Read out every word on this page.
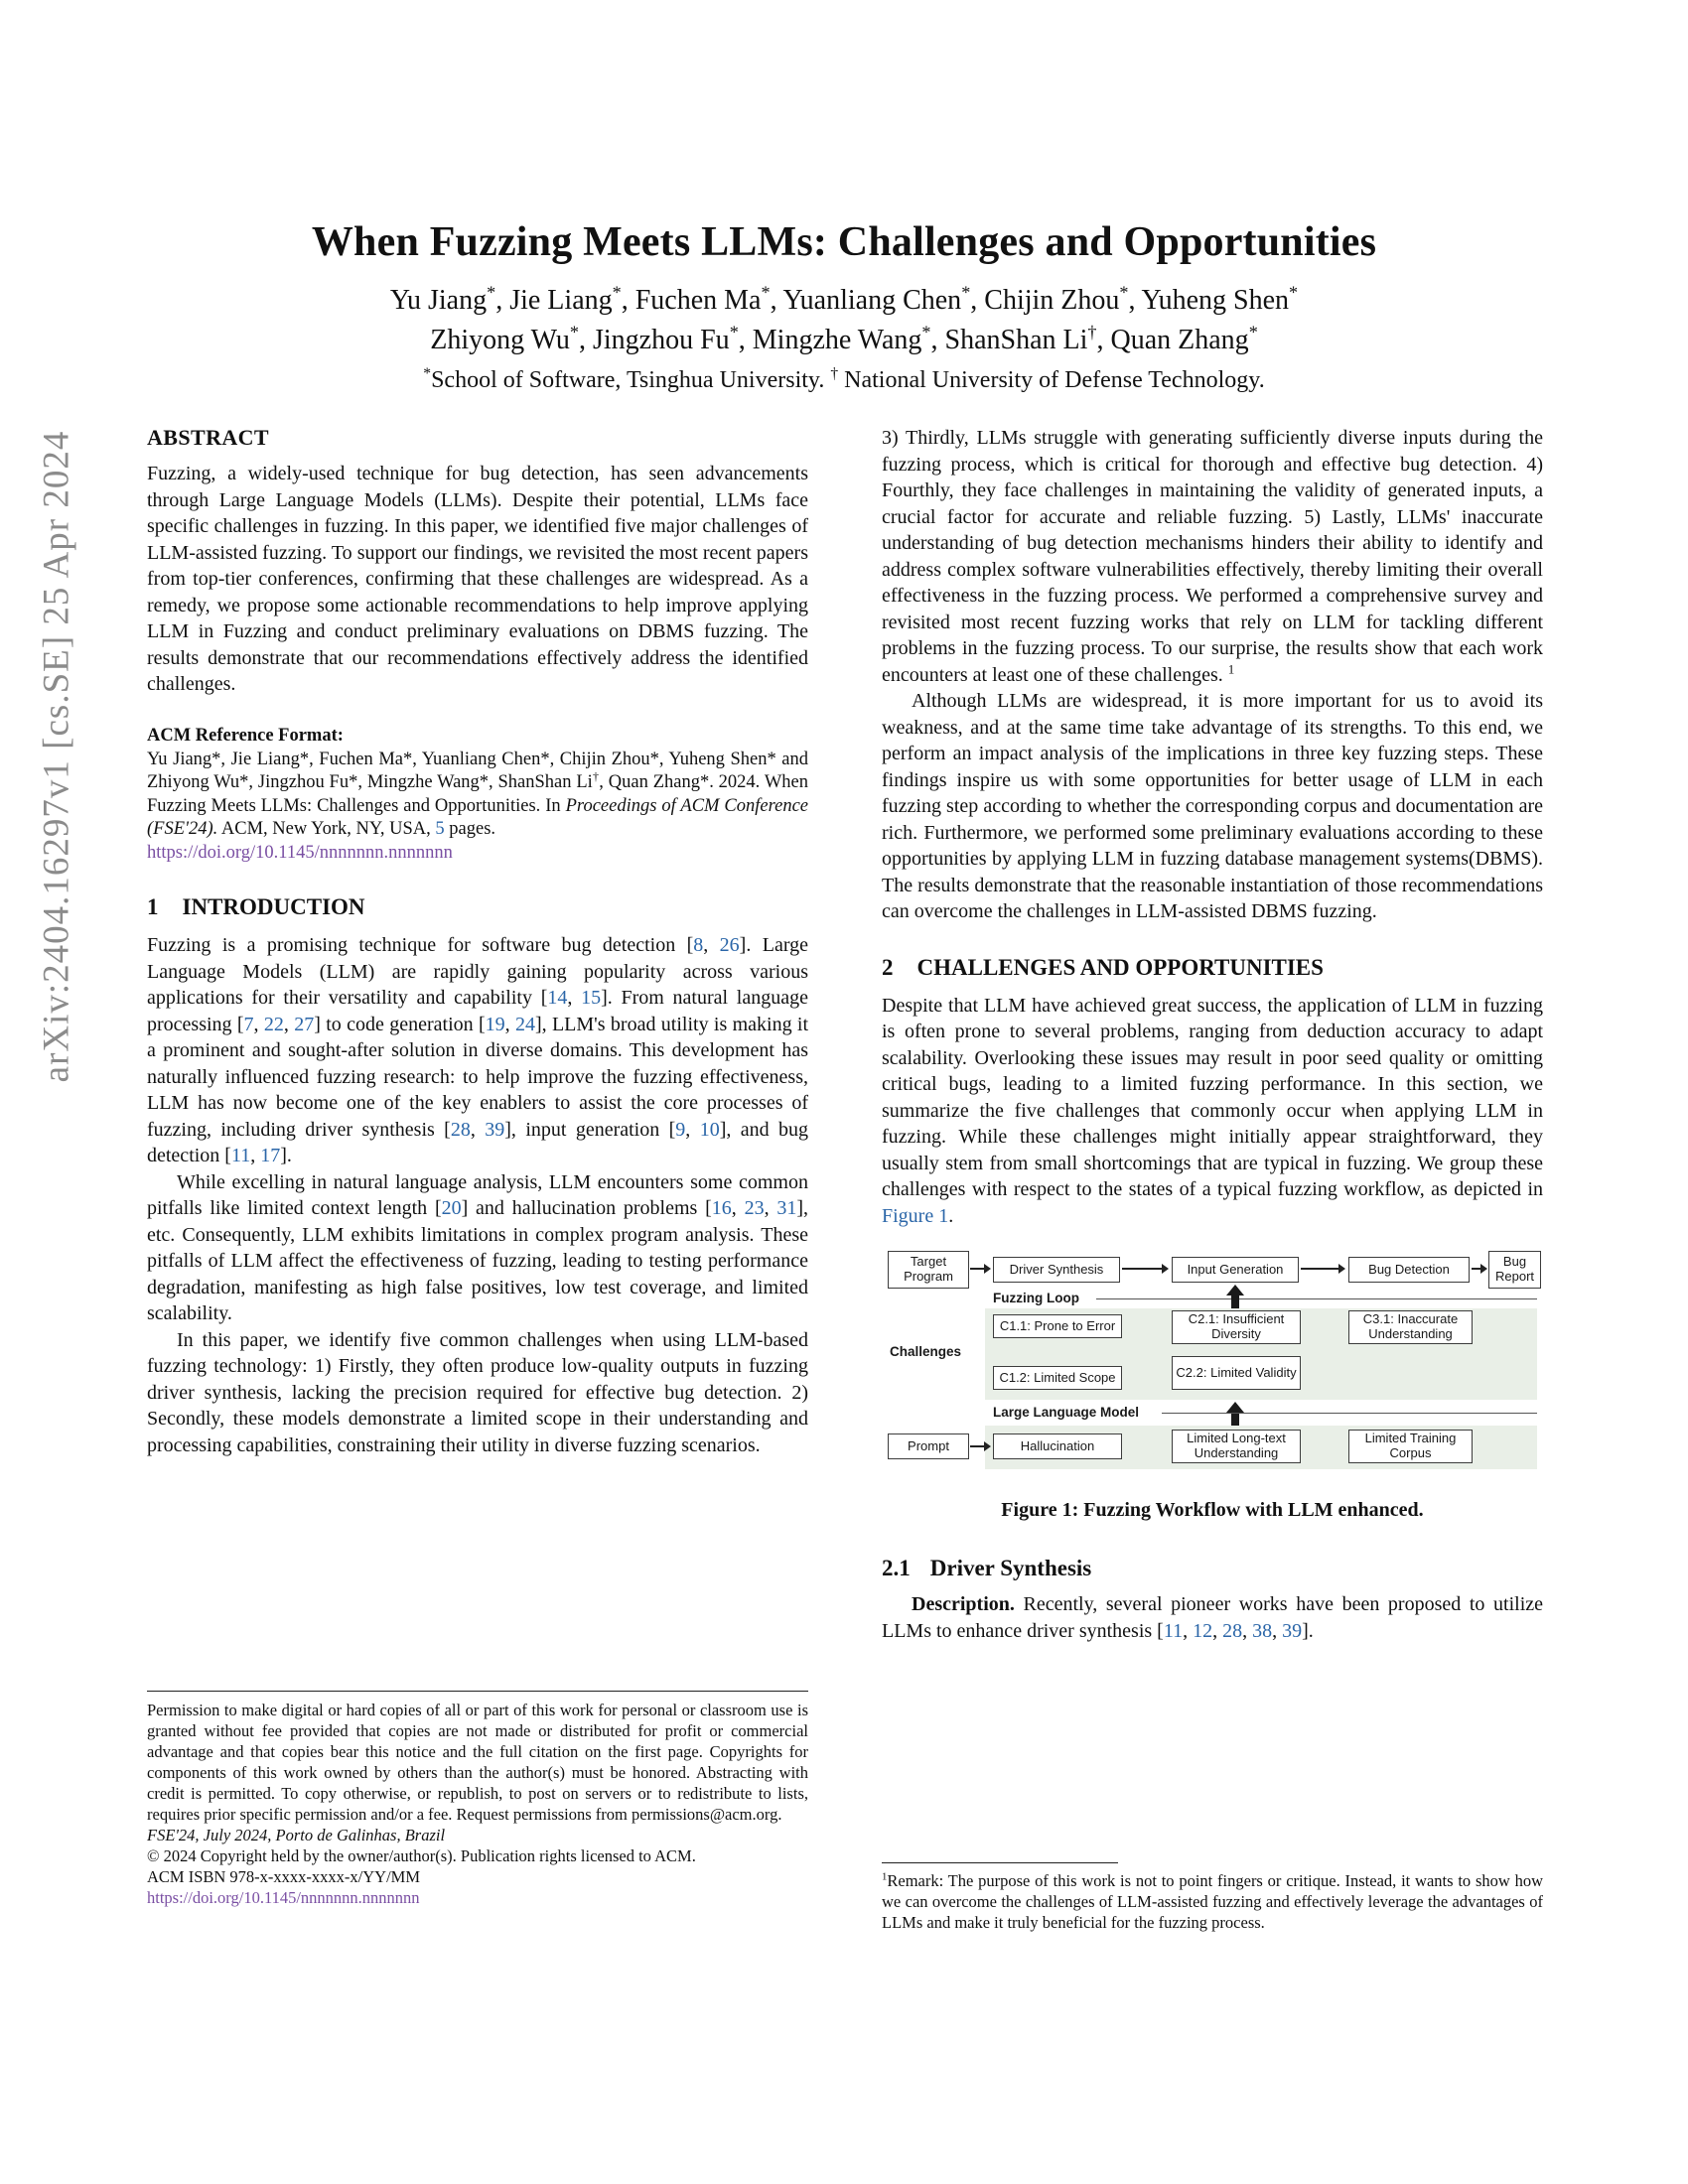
arXiv:2404.16297v1 [cs.SE] 25 Apr 2024
When Fuzzing Meets LLMs: Challenges and Opportunities
Yu Jiang*, Jie Liang*, Fuchen Ma*, Yuanliang Chen*, Chijin Zhou*, Yuheng Shen*
Zhiyong Wu*, Jingzhou Fu*, Mingzhe Wang*, ShanShan Li†, Quan Zhang*
*School of Software, Tsinghua University. † National University of Defense Technology.
ABSTRACT

Fuzzing, a widely-used technique for bug detection, has seen advancements through Large Language Models (LLMs). Despite their potential, LLMs face specific challenges in fuzzing. In this paper, we identified five major challenges of LLM-assisted fuzzing. To support our findings, we revisited the most recent papers from top-tier conferences, confirming that these challenges are widespread. As a remedy, we propose some actionable recommendations to help improve applying LLM in Fuzzing and conduct preliminary evaluations on DBMS fuzzing. The results demonstrate that our recommendations effectively address the identified challenges.

ACM Reference Format:

Yu Jiang*, Jie Liang*, Fuchen Ma*, Yuanliang Chen*, Chijin Zhou*, Yuheng Shen* and Zhiyong Wu*, Jingzhou Fu*, Mingzhe Wang*, ShanShan Li†, Quan Zhang*. 2024. When Fuzzing Meets LLMs: Challenges and Opportunities. In Proceedings of ACM Conference (FSE'24). ACM, New York, NY, USA, 5 pages.
https://doi.org/10.1145/nnnnnnn.nnnnnnn

1 INTRODUCTION

Fuzzing is a promising technique for software bug detection [8, 26]. Large Language Models (LLM) are rapidly gaining popularity across various applications for their versatility and capability [14, 15]. From natural language processing [7, 22, 27] to code generation [19, 24], LLM's broad utility is making it a prominent and sought-after solution in diverse domains. This development has naturally influenced fuzzing research: to help improve the fuzzing effectiveness, LLM has now become one of the key enablers to assist the core processes of fuzzing, including driver synthesis [28, 39], input generation [9, 10], and bug detection [11, 17].

While excelling in natural language analysis, LLM encounters some common pitfalls like limited context length [20] and hallucination problems [16, 23, 31], etc. Consequently, LLM exhibits limitations in complex program analysis. These pitfalls of LLM affect the effectiveness of fuzzing, leading to testing performance degradation, manifesting as high false positives, low test coverage, and limited scalability.

In this paper, we identify five common challenges when using LLM-based fuzzing technology: 1) Firstly, they often produce low-quality outputs in fuzzing driver synthesis, lacking the precision required for effective bug detection. 2) Secondly, these models demonstrate a limited scope in their understanding and processing capabilities, constraining their utility in diverse fuzzing scenarios.

Permission to make digital or hard copies of all or part of this work for personal or classroom use is granted without fee provided that copies are not made or distributed for profit or commercial advantage and that copies bear this notice and the full citation on the first page. Copyrights for components of this work owned by others than the author(s) must be honored. Abstracting with credit is permitted. To copy otherwise, or republish, to post on servers or to redistribute to lists, requires prior specific permission and/or a fee. Request permissions from permissions@acm.org.

FSE'24, July 2024, Porto de Galinhas, Brazil

© 2024 Copyright held by the owner/author(s). Publication rights licensed to ACM.

ACM ISBN 978-x-xxxx-xxxx-x/YY/MM

https://doi.org/10.1145/nnnnnnn.nnnnnnn

3) Thirdly, LLMs struggle with generating sufficiently diverse inputs during the fuzzing process, which is critical for thorough and effective bug detection. 4) Fourthly, they face challenges in maintaining the validity of generated inputs, a crucial factor for accurate and reliable fuzzing. 5) Lastly, LLMs' inaccurate understanding of bug detection mechanisms hinders their ability to identify and address complex software vulnerabilities effectively, thereby limiting their overall effectiveness in the fuzzing process. We performed a comprehensive survey and revisited most recent fuzzing works that rely on LLM for tackling different problems in the fuzzing process. To our surprise, the results show that each work encounters at least one of these challenges. $^1$

Although LLMs are widespread, it is more important for us to avoid its weakness, and at the same time take advantage of its strengths. To this end, we perform an impact analysis of the implications in three key fuzzing steps. These findings inspire us with some opportunities for better usage of LLM in each fuzzing step according to whether the corresponding corpus and documentation are rich. Furthermore, we performed some preliminary evaluations according to these opportunities by applying LLM in fuzzing database management systems(DBMS). The results demonstrate that the reasonable instantiation of those recommendations can overcome the challenges in LLM-assisted DBMS fuzzing.

2 CHALLENGES AND OPPORTUNITIES

Despite that LLM have achieved great success, the application of LLM in fuzzing is often prone to several problems, ranging from deduction accuracy to adapt scalability. Overlooking these issues may result in poor seed quality or omitting critical bugs, leading to a limited fuzzing performance. In this section, we summarize the five challenges that commonly occur when applying LLM in fuzzing. While these challenges might initially appear straightforward, they usually stem from small shortcomings that are typical in fuzzing. We group these challenges with respect to the states of a typical fuzzing workflow, as depicted in Figure 1.

Target Program	Driver Synthesis	Input Generation	Bug Detection	Bug Report
Fuzzing Loop
Challenges
C1.1: Prone to Error
C1.2: Limited Scope
C2.1: Insufficient Diversity
C2.2: Limited Validity
C3.1: Inaccurate Understanding
Large Language Model
Prompt	Hallucination	Limited Long-text Understanding
Limited Training Corpus
Figure 1: Fuzzing Workflow with LLM enhanced.
2.1 Driver Synthesis

Description. Recently, several pioneer works have been proposed to utilize LLMs to enhance driver synthesis [11, 12, 28, 38, 39].

$^1$Remark: The purpose of this work is not to point fingers or critique. Instead, it wants to show how we can overcome the challenges of LLM-assisted fuzzing and effectively leverage the advantages of LLMs and make it truly beneficial for the fuzzing process.
